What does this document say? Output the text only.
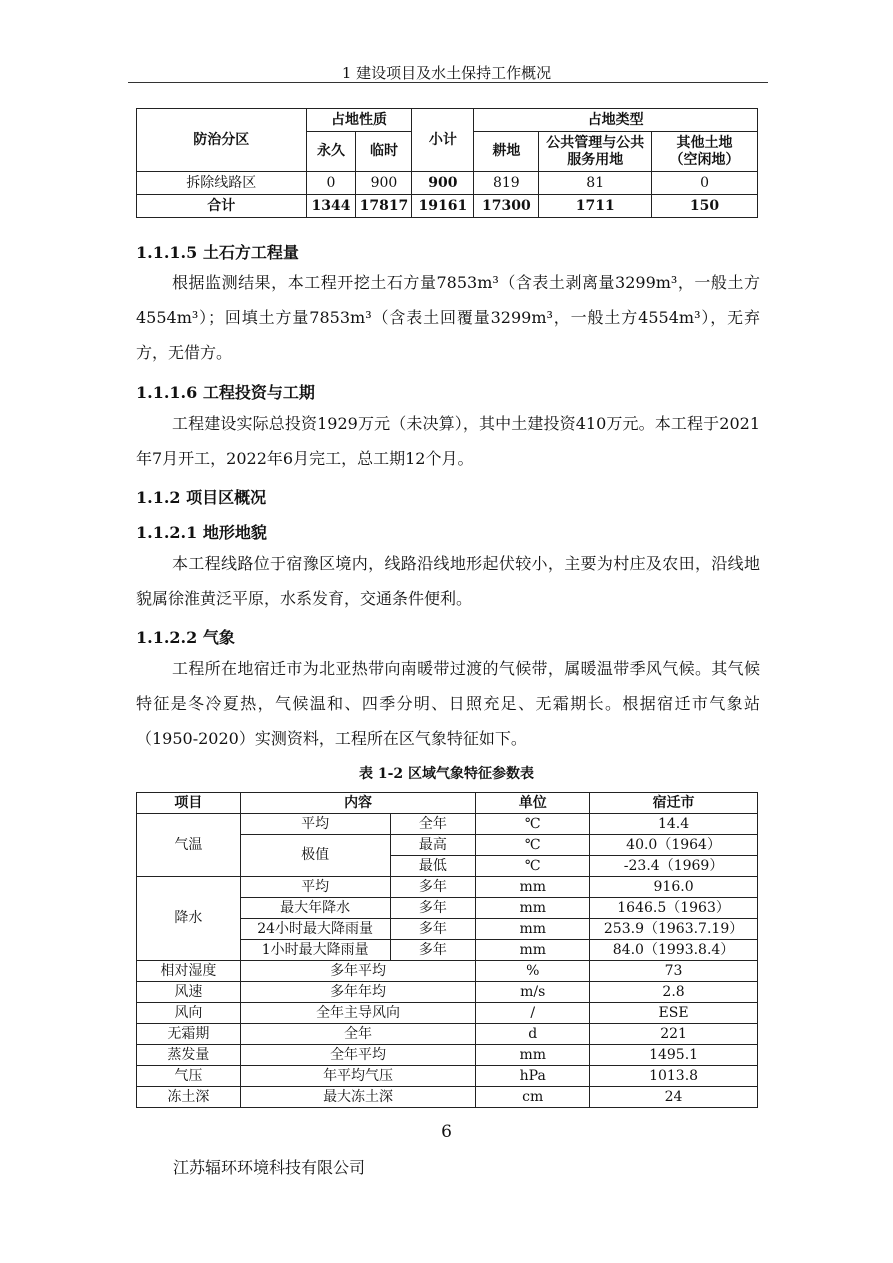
1 建设项目及水土保持工作概况
防治分区	占地性质		小计	占地类型		
	永久	临时		耕地	公共管理与公共服务用地	其他土地（空闲地）
拆除线路区	0	900	900	819	81	0
合计	1344	17817	19161	17300	1711	150
1.1.1.5 土石方工程量

根据监测结果，本工程开挖土石方量7853m³（含表土剥离量3299m³，一般土方4554m³）；回填土方量7853m³（含表土回覆量3299m³，一般土方4554m³），无弃方，无借方。

1.1.1.6 工程投资与工期

工程建设实际总投资1929万元（未决算），其中土建投资410万元。本工程于2021年7月开工，2022年6月完工，总工期12个月。

1.1.2 项目区概况
1.1.2.1 地形地貌

本工程线路位于宿豫区境内，线路沿线地形起伏较小，主要为村庄及农田，沿线地貌属徐淮黄泛平原，水系发育，交通条件便利。

1.1.2.2 气象

工程所在地宿迁市为北亚热带向南暖带过渡的气候带，属暖温带季风气候。其气候特征是冬冷夏热，气候温和、四季分明、日照充足、无霜期长。根据宿迁市气象站（1950-2020）实测资料，工程所在区气象特征如下。

表 1-2 区域气象特征参数表
项目	内容		单位	宿迁市
气温	平均	全年	℃	14.4
	极值	最高	℃	40.0（1964）
		最低	℃	-23.4（1969）
降水	平均	多年	mm	916.0
	最大年降水	多年	mm	1646.5（1963）
	24小时最大降雨量	多年	mm	253.9（1963.7.19）
	1小时最大降雨量	多年	mm	84.0（1993.8.4）
相对湿度	多年平均		%	73
风速	多年年均		m/s	2.8
风向	全年主导风向		/	ESE
无霜期	全年		d	221
蒸发量	全年平均		mm	1495.1
气压	年平均气压		hPa	1013.8
冻土深	最大冻土深		cm	24
6
江苏辐环环境科技有限公司
